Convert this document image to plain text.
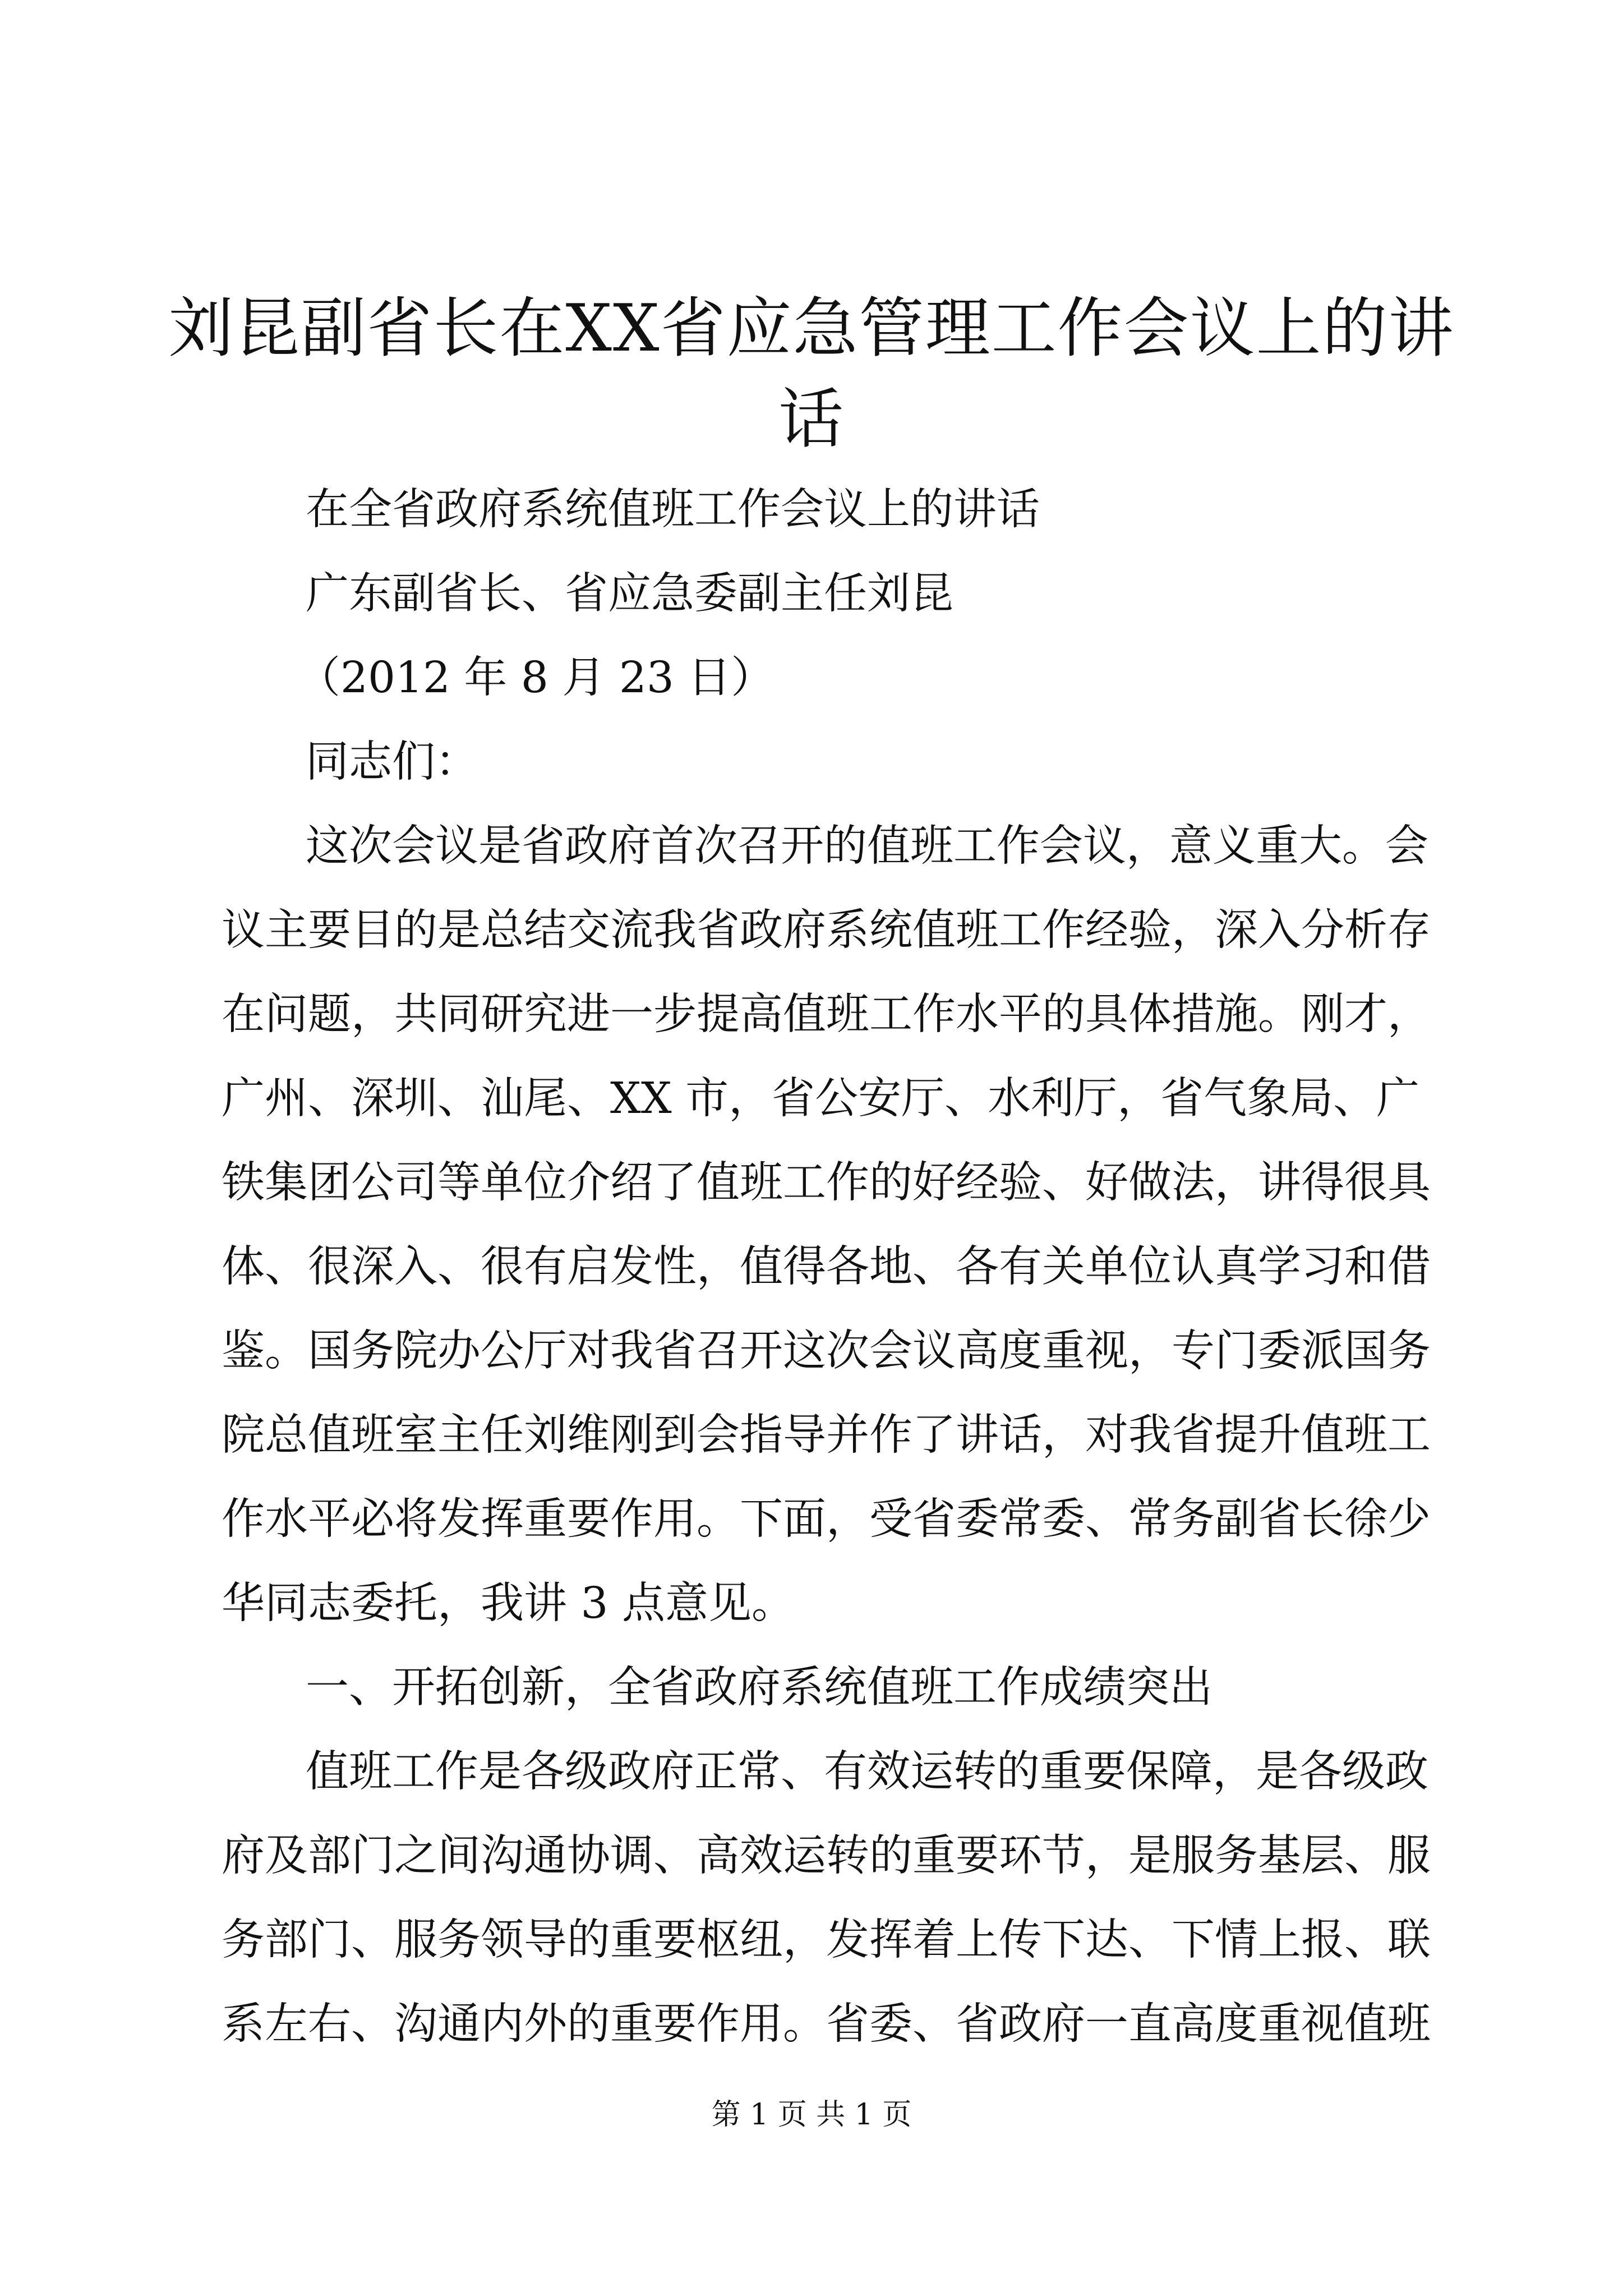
刘昆副省长在XX省应急管理工作会议上的讲
话

在全省政府系统值班工作会议上的讲话

广东副省长、省应急委副主任刘昆

（2012 年 8 月 23 日）

同志们：

这次会议是省政府首次召开的值班工作会议，意义重大。会
议主要目的是总结交流我省政府系统值班工作经验，深入分析存
在问题，共同研究进一步提高值班工作水平的具体措施。刚才，
广州、深圳、汕尾、XX 市，省公安厅、水利厅，省气象局、广
铁集团公司等单位介绍了值班工作的好经验、好做法，讲得很具
体、很深入、很有启发性，值得各地、各有关单位认真学习和借
鉴。国务院办公厅对我省召开这次会议高度重视，专门委派国务
院总值班室主任刘维刚到会指导并作了讲话，对我省提升值班工
作水平必将发挥重要作用。下面，受省委常委、常务副省长徐少
华同志委托，我讲 3 点意见。

一、开拓创新，全省政府系统值班工作成绩突出

值班工作是各级政府正常、有效运转的重要保障，是各级政
府及部门之间沟通协调、高效运转的重要环节，是服务基层、服
务部门、服务领导的重要枢纽，发挥着上传下达、下情上报、联
系左右、沟通内外的重要作用。省委、省政府一直高度重视值班

第 1 页 共 1 页
